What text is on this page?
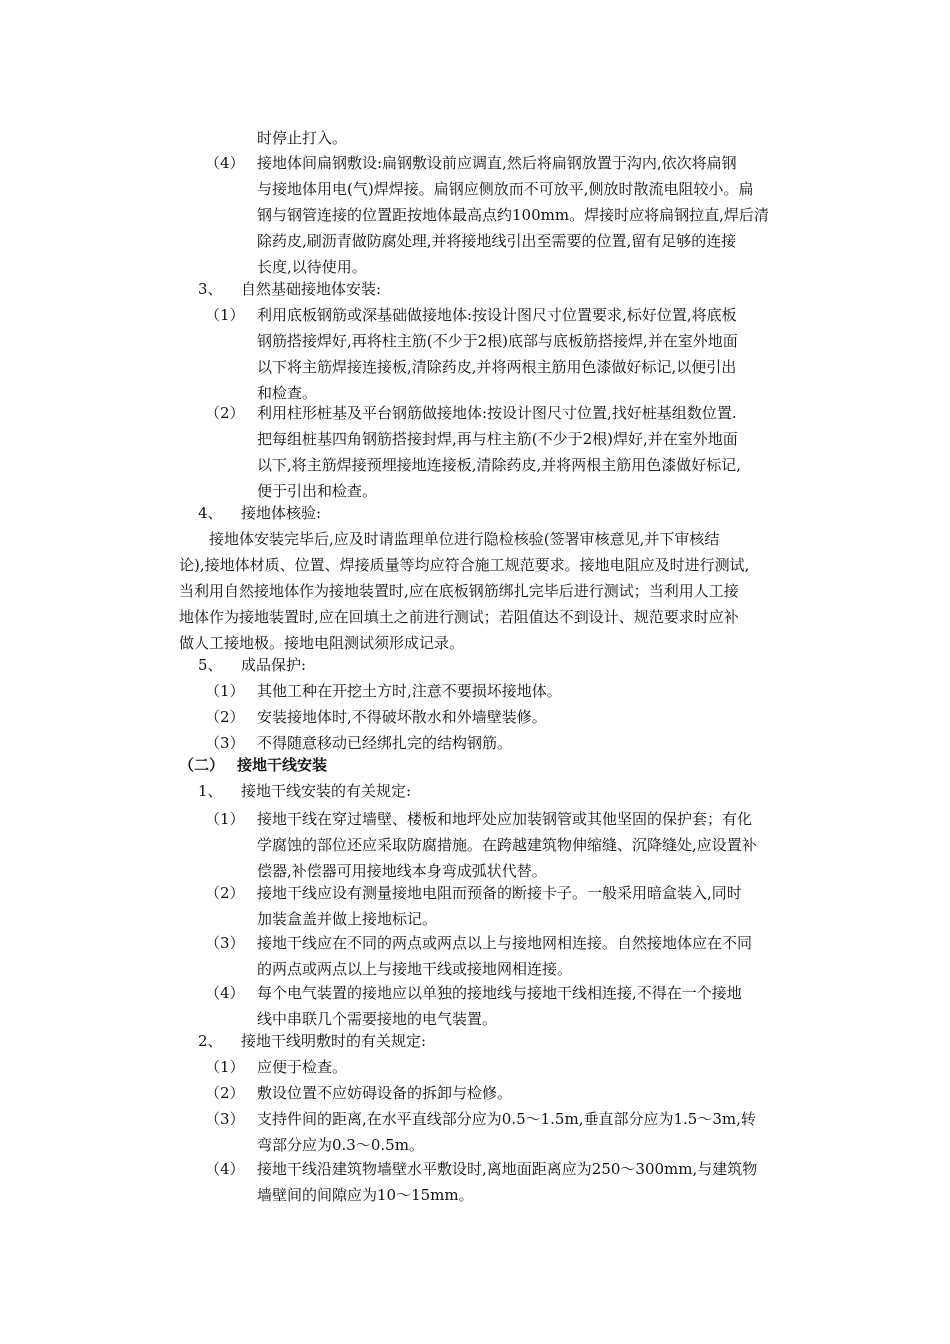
时停止打入。
（4） 接地体间扁钢敷设:扁钢敷设前应调直,然后将扁钢放置于沟内,依次将扁钢
与接地体用电(气)焊焊接。扁钢应侧放而不可放平,侧放时散流电阻较小。扁
钢与钢管连接的位置距按地体最高点约100mm。焊接时应将扁钢拉直,焊后清
除药皮,刷沥青做防腐处理,并将接地线引出至需要的位置,留有足够的连接
长度,以待使用。
3、 自然基础接地体安装:
（1） 利用底板钢筋或深基础做接地体:按设计图尺寸位置要求,标好位置,将底板
钢筋搭接焊好,再将柱主筋(不少于2根)底部与底板筋搭接焊,并在室外地面
以下将主筋焊接连接板,清除药皮,并将两根主筋用色漆做好标记,以便引出
和检查。
（2） 利用柱形桩基及平台钢筋做接地体:按设计图尺寸位置,找好桩基组数位置.
把每组桩基四角钢筋搭接封焊,再与柱主筋(不少于2根)焊好,并在室外地面
以下,将主筋焊接预埋接地连接板,清除药皮,并将两根主筋用色漆做好标记,
便于引出和检查。
4、 接地体核验:
接地体安装完毕后,应及时请监理单位进行隐检核验(签署审核意见,并下审核结
论),接地体材质、位置、焊接质量等均应符合施工规范要求。接地电阻应及时进行测试,
当利用自然接地体作为接地装置时,应在底板钢筋绑扎完毕后进行测试；当利用人工接
地体作为接地装置时,应在回填土之前进行测试；若阻值达不到设计、规范要求时应补
做人工接地极。接地电阻测试须形成记录。
5、 成品保护:
（1） 其他工种在开挖土方时,注意不要损坏接地体。
（2） 安装接地体时,不得破坏散水和外墙壁装修。
（3） 不得随意移动已经绑扎完的结构钢筋。
（二） 接地干线安装
1、 接地干线安装的有关规定:
（1） 接地干线在穿过墙壁、楼板和地坪处应加装钢管或其他坚固的保护套；有化
学腐蚀的部位还应采取防腐措施。在跨越建筑物伸缩缝、沉降缝处,应设置补
偿器,补偿器可用接地线本身弯成弧状代替。
（2） 接地干线应设有测量接地电阻而预备的断接卡子。一般采用暗盒装入,同时
加装盒盖并做上接地标记。
（3） 接地干线应在不同的两点或两点以上与接地网相连接。自然接地体应在不同
的两点或两点以上与接地干线或接地网相连接。
（4） 每个电气装置的接地应以单独的接地线与接地干线相连接,不得在一个接地
线中串联几个需要接地的电气装置。
2、 接地干线明敷时的有关规定:
（1） 应便于检查。
（2） 敷设位置不应妨碍设备的拆卸与检修。
（3） 支持件间的距离,在水平直线部分应为0.5～1.5m,垂直部分应为1.5～3m,转
弯部分应为0.3～0.5m。
（4） 接地干线沿建筑物墙壁水平敷设时,离地面距离应为250～300mm,与建筑物
墙壁间的间隙应为10～15mm。
